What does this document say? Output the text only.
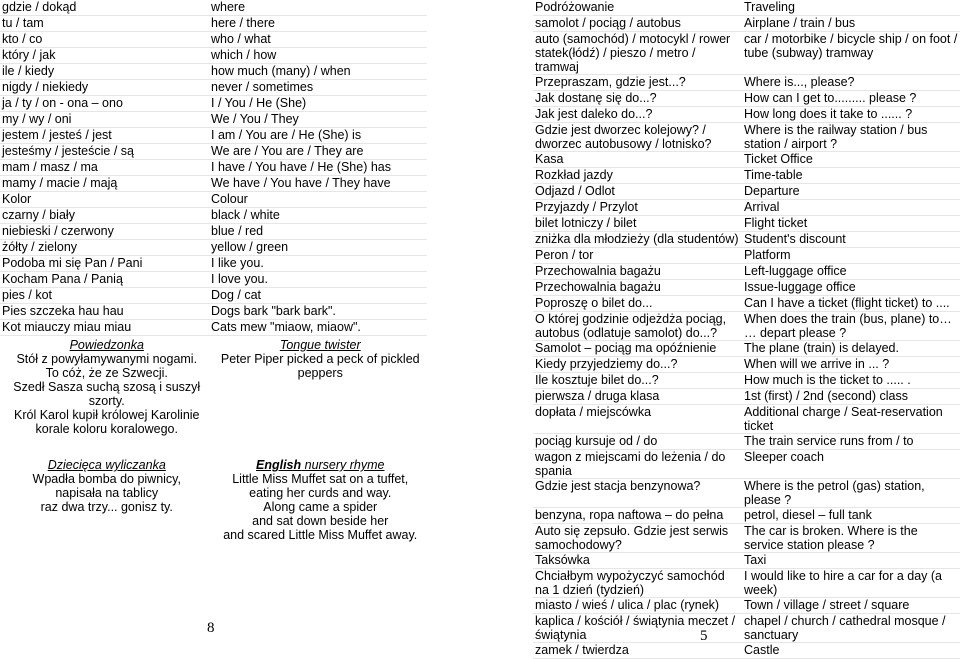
gdzie / dokąd	where
tu / tam	here / there
kto / co	who / what
który / jak	which / how
ile / kiedy	how much (many) / when
nigdy / niekiedy	never / sometimes
ja / ty / on - ona – ono	I / You / He (She)
my / wy / oni	We / You / They
jestem / jesteś / jest	I am / You are / He (She) is
jesteśmy / jesteście / są	We are / You are / They are
mam / masz / ma	I have / You have / He (She) has
mamy / macie / mają	We have / You have / They have
Kolor	Colour
czarny / biały	black / white
niebieski / czerwony	blue / red
żółty / zielony	yellow / green
Podoba mi się Pan / Pani	I like you.
Kocham Pana / Panią	I love you.
pies / kot	Dog / cat
Pies szczeka hau hau	Dogs bark "bark bark".
Kot miauczy miau miau	Cats mew "miaow, miaow".
Powiedzonka
Stół z powyłamywanymi nogami.
To cóż, że ze Szwecji.
Szedł Sasza suchą szosą i suszył szorty.
Król Karol kupił królowej Karolinie korale koloru koralowego.
Tongue twister
Peter Piper picked a peck of pickled peppers
Dziecięca wyliczanka
Wpadła bomba do piwnicy,
napisała na tablicy
raz dwa trzy... gonisz ty.
English nursery rhyme
Little Miss Muffet sat on a tuffet,
eating her curds and way.
Along came a spider
and sat down beside her
and scared Little Miss Muffet away.
8
Podróżowanie	Traveling
samolot / pociąg / autobus	Airplane / train / bus
auto (samochód) / motocykl / rower statek(łódź) / pieszo / metro / tramwaj	car / motorbike / bicycle ship / on foot / tube (subway) tramway
Przepraszam, gdzie jest...?	Where is..., please?
Jak dostanę się do...?	How can I get to......... please ?
Jak jest daleko do...?	How long does it take to ...... ?
Gdzie jest dworzec kolejowy? / dworzec autobusowy / lotnisko?	Where is the railway station / bus station / airport ?
Kasa	Ticket Office
Rozkład jazdy	Time-table
Odjazd / Odlot	Departure
Przyjazdy / Przylot	Arrival
bilet lotniczy / bilet	Flight ticket
zniżka dla młodzieży (dla studentów)	Student's discount
Peron / tor	Platform
Przechowalnia bagażu	Left-luggage office
Przechowalnia bagażu	Issue-luggage office
Poproszę o bilet do...	Can I have a ticket (flight ticket) to ....
O której godzinie odjeżdża pociąg, autobus (odlatuje samolot) do...?	When does the train (bus, plane) to… … depart please ?
Samolot – pociąg ma opóźnienie	The plane (train) is delayed.
Kiedy przyjedziemy do...?	When will we arrive in ... ?
Ile kosztuje bilet do...?	How much is the ticket to ..... .
pierwsza / druga klasa	1st (first) / 2nd (second) class
dopłata / miejscówka	Additional charge / Seat-reservation ticket
pociąg kursuje od / do	The train service runs from / to
wagon z miejscami do leżenia / do spania	Sleeper coach
Gdzie jest stacja benzynowa?	Where is the petrol (gas) station, please ?
benzyna, ropa naftowa – do pełna	petrol, diesel – full tank
Auto się zepsuło. Gdzie jest serwis samochodowy?	The car is broken. Where is the service station please ?
Taksówka	Taxi
Chciałbym wypożyczyć samochód na 1 dzień (tydzień)	I would like to hire a car for a day (a week)
miasto / wieś / ulica / plac (rynek)	Town / village / street / square
kaplica / kościół / świątynia meczet / świątynia	chapel / church / cathedral mosque / sanctuary
zamek / twierdza	Castle
5
